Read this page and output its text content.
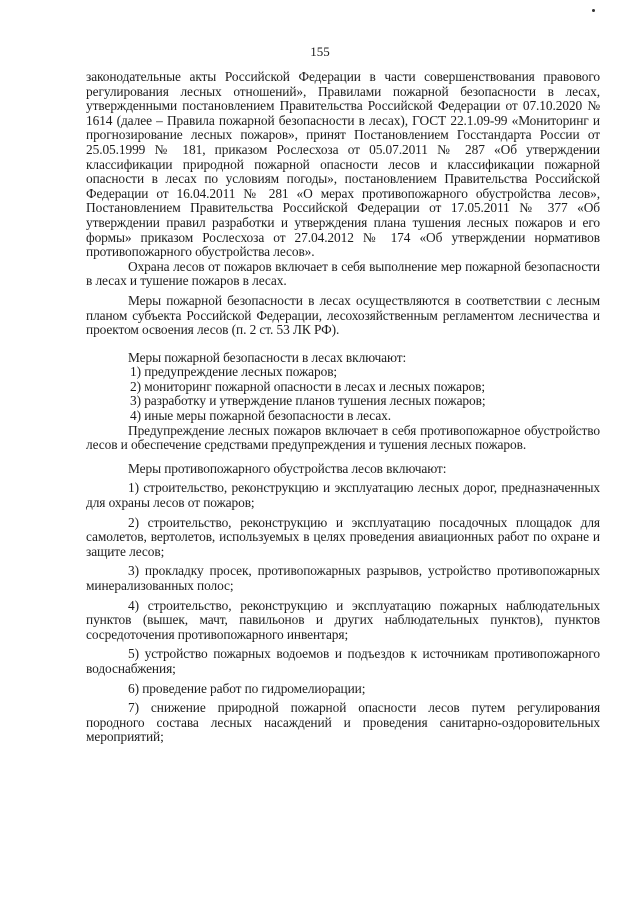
155

законодательные акты Российской Федерации в части совершенствования правового регулирования лесных отношений», Правилами пожарной безопасности в лесах, утвержденными постановлением Правительства Российской Федерации от 07.10.2020 № 1614 (далее – Правила пожарной безопасности в лесах), ГОСТ 22.1.09-99 «Мониторинг и прогнозирование лесных пожаров», принят Постановлением Госстандарта России от 25.05.1999 № 181, приказом Рослесхоза от 05.07.2011 № 287 «Об утверждении классификации природной пожарной опасности лесов и классификации пожарной опасности в лесах по условиям погоды», постановлением Правительства Российской Федерации от 16.04.2011 № 281 «О мерах противопожарного обустройства лесов», Постановлением Правительства Российской Федерации от 17.05.2011 № 377 «Об утверждении правил разработки и утверждения плана тушения лесных пожаров и его формы» приказом Рослесхоза от 27.04.2012 № 174 «Об утверждении нормативов противопожарного обустройства лесов».

Охрана лесов от пожаров включает в себя выполнение мер пожарной безопасности в лесах и тушение пожаров в лесах.

Меры пожарной безопасности в лесах осуществляются в соответствии с лесным планом субъекта Российской Федерации, лесохозяйственным регламентом лесничества и проектом освоения лесов (п. 2 ст. 53 ЛК РФ).

Меры пожарной безопасности в лесах включают:

1) предупреждение лесных пожаров;

2) мониторинг пожарной опасности в лесах и лесных пожаров;

3) разработку и утверждение планов тушения лесных пожаров;

4) иные меры пожарной безопасности в лесах.

Предупреждение лесных пожаров включает в себя противопожарное обустройство лесов и обеспечение средствами предупреждения и тушения лесных пожаров.

Меры противопожарного обустройства лесов включают:

1) строительство, реконструкцию и эксплуатацию лесных дорог, предназначенных для охраны лесов от пожаров;

2) строительство, реконструкцию и эксплуатацию посадочных площадок для самолетов, вертолетов, используемых в целях проведения авиационных работ по охране и защите лесов;

3) прокладку просек, противопожарных разрывов, устройство противопожарных минерализованных полос;

4) строительство, реконструкцию и эксплуатацию пожарных наблюдательных пунктов (вышек, мачт, павильонов и других наблюдательных пунктов), пунктов сосредоточения противопожарного инвентаря;

5) устройство пожарных водоемов и подъездов к источникам противопожарного водоснабжения;

6) проведение работ по гидромелиорации;

7) снижение природной пожарной опасности лесов путем регулирования породного состава лесных насаждений и проведения санитарно-оздоровительных мероприятий;
